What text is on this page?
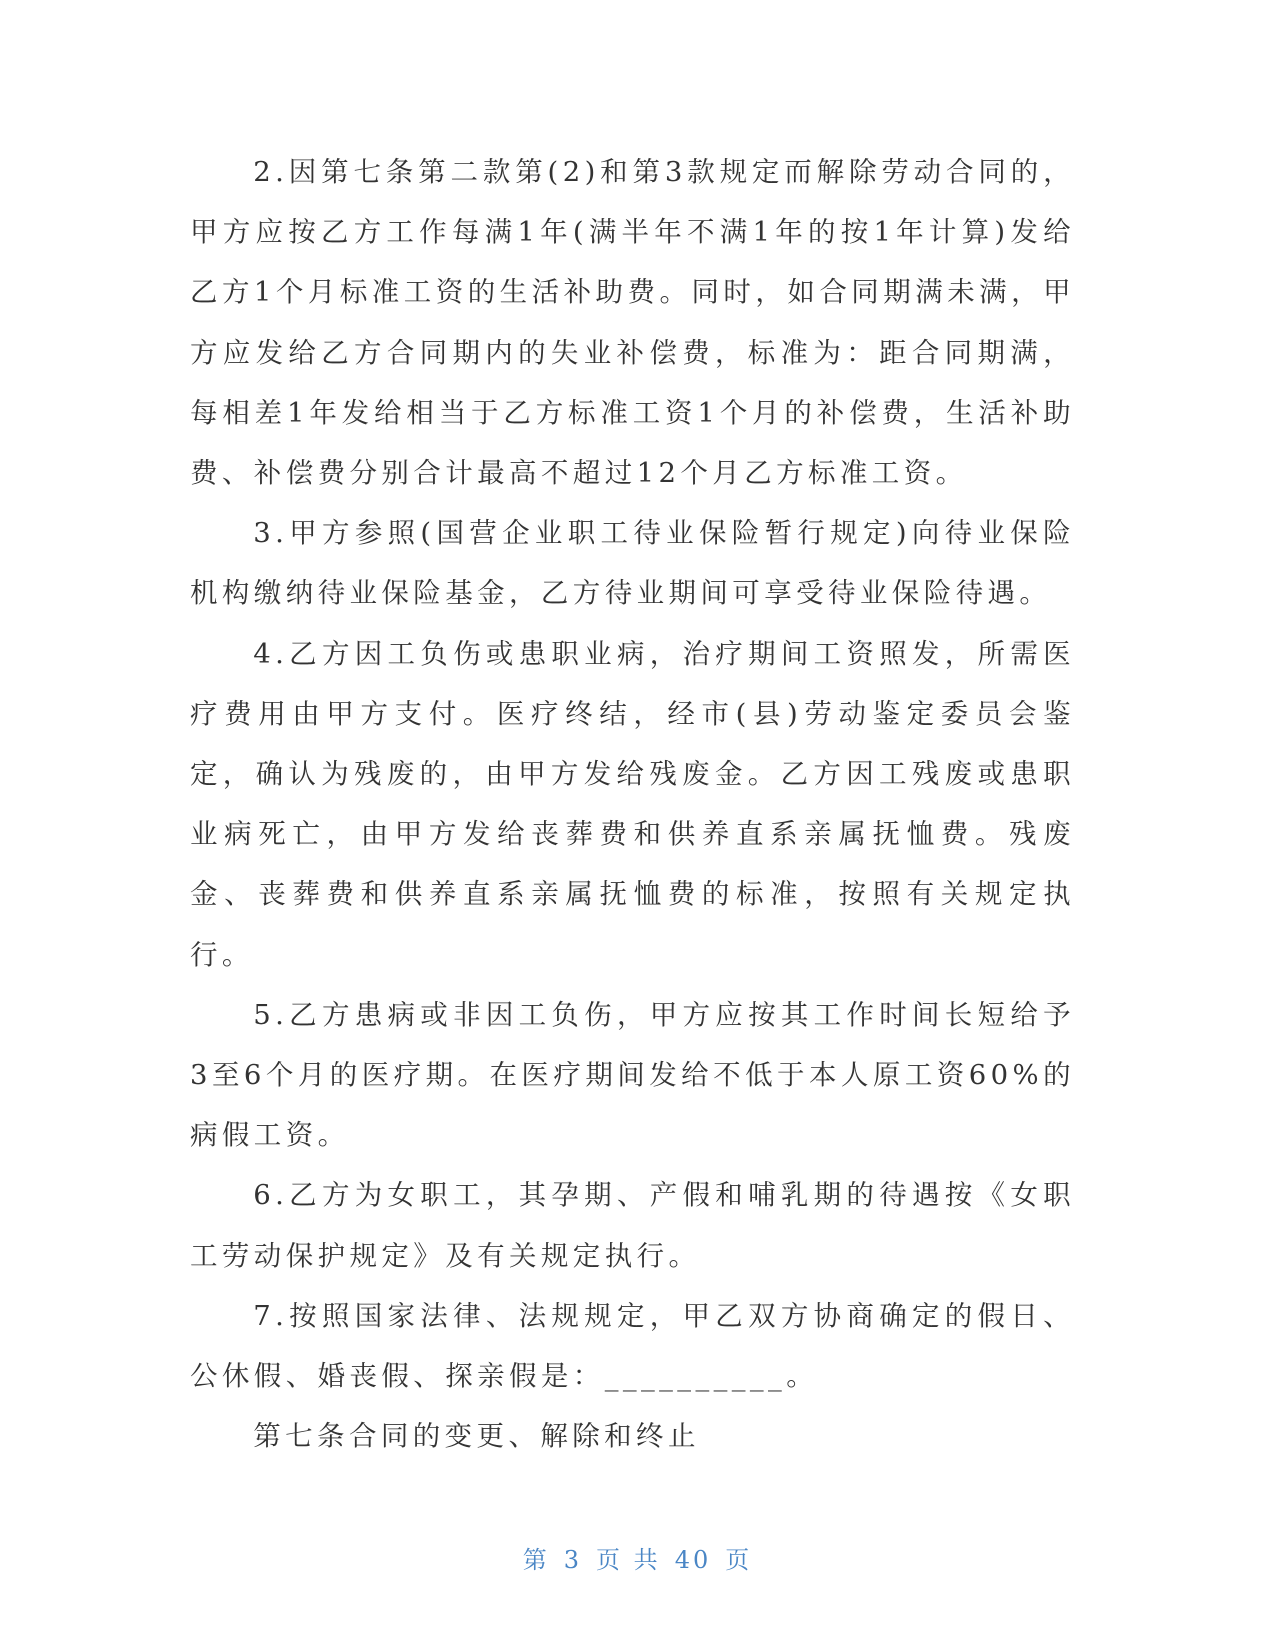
2.因第七条第二款第(2)和第3款规定而解除劳动合同的，甲方应按乙方工作每满1年(满半年不满1年的按1年计算)发给乙方1个月标准工资的生活补助费。同时，如合同期满未满，甲方应发给乙方合同期内的失业补偿费，标准为：距合同期满，每相差1年发给相当于乙方标准工资1个月的补偿费，生活补助费、补偿费分别合计最高不超过12个月乙方标准工资。

3.甲方参照(国营企业职工待业保险暂行规定)向待业保险机构缴纳待业保险基金，乙方待业期间可享受待业保险待遇。

4.乙方因工负伤或患职业病，治疗期间工资照发，所需医疗费用由甲方支付。医疗终结，经市(县)劳动鉴定委员会鉴定，确认为残废的，由甲方发给残废金。乙方因工残废或患职业病死亡，由甲方发给丧葬费和供养直系亲属抚恤费。残废金、丧葬费和供养直系亲属抚恤费的标准，按照有关规定执行。

5.乙方患病或非因工负伤，甲方应按其工作时间长短给予3至6个月的医疗期。在医疗期间发给不低于本人原工资60%的病假工资。

6.乙方为女职工，其孕期、产假和哺乳期的待遇按《女职工劳动保护规定》及有关规定执行。

7.按照国家法律、法规规定，甲乙双方协商确定的假日、公休假、婚丧假、探亲假是：__________。

第七条合同的变更、解除和终止

第 3 页 共 40 页
